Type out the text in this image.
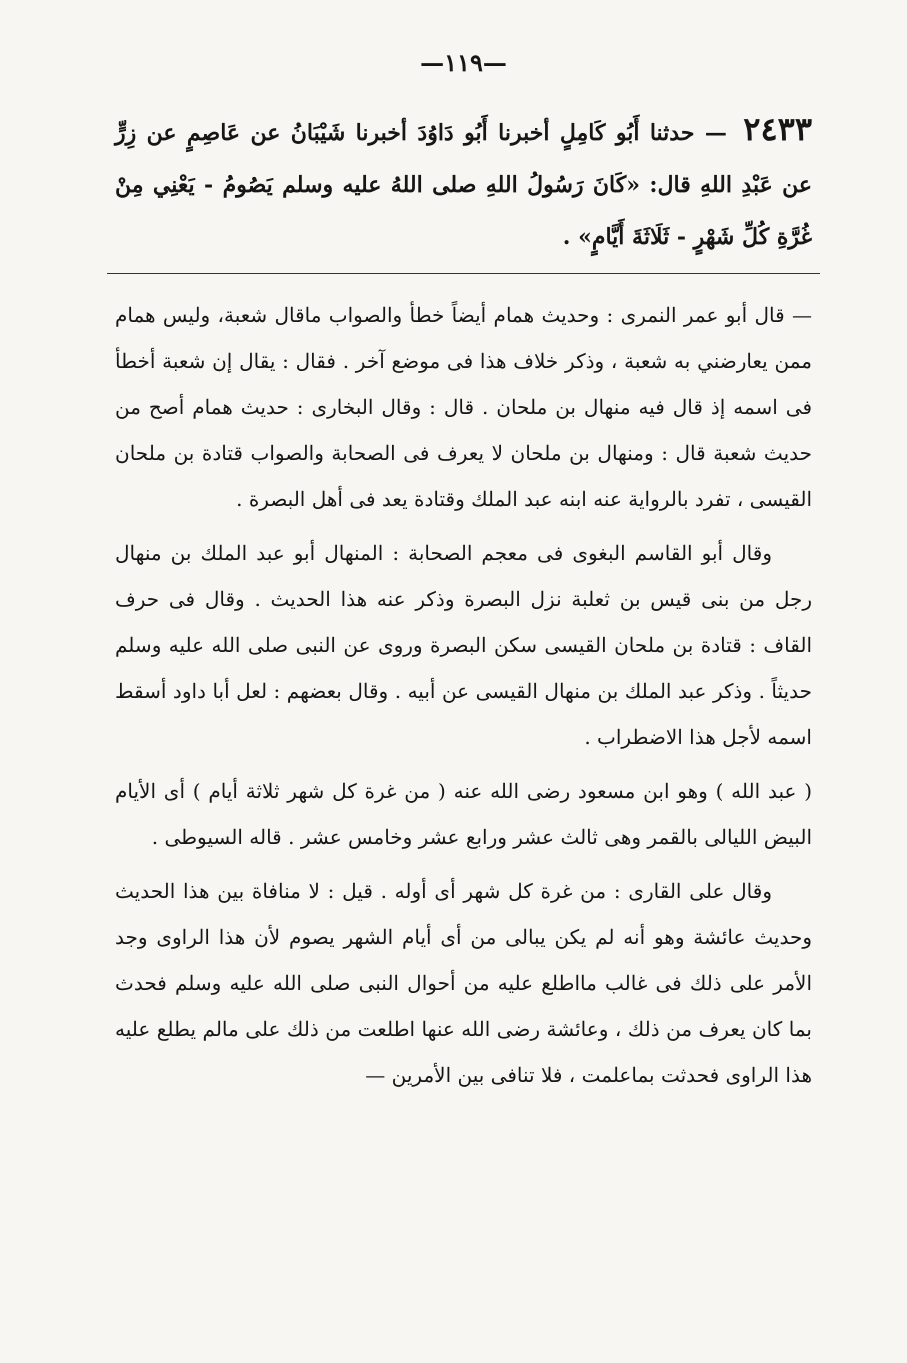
—١١٩—
٢٤٣٣ — حدثنا أَبُو كَامِلٍ أخبرنا أَبُو دَاوُدَ أخبرنا شَيْبَانُ عن عَاصِمٍ عن زِرٍّ عن عَبْدِ اللهِ قال: «كَانَ رَسُولُ اللهِ صلى اللهُ عليه وسلم يَصُومُ - يَعْنِي مِنْ غُرَّةِ كُلِّ شَهْرٍ - ثَلَاثَةَ أَيَّامٍ» .

— قال أبو عمر النمرى : وحديث همام أيضاً خطأ والصواب ماقال شعبة، وليس همام ممن يعارضني به شعبة ، وذكر خلاف هذا فى موضع آخر . فقال : يقال إن شعبة أخطأ فى اسمه إذ قال فيه منهال بن ملحان . قال : وقال البخارى : حديث همام أصح من حديث شعبة قال : ومنهال بن ملحان لا يعرف فى الصحابة والصواب قتادة بن ملحان القيسى ، تفرد بالرواية عنه ابنه عبد الملك وقتادة يعد فى أهل البصرة .

وقال أبو القاسم البغوى فى معجم الصحابة : المنهال أبو عبد الملك بن منهال رجل من بنى قيس بن ثعلبة نزل البصرة وذكر عنه هذا الحديث . وقال فى حرف القاف : قتادة بن ملحان القيسى سكن البصرة وروى عن النبى صلى الله عليه وسلم حديثاً . وذكر عبد الملك بن منهال القيسى عن أبيه . وقال بعضهم : لعل أبا داود أسقط اسمه لأجل هذا الاضطراب .

( عبد الله ) وهو ابن مسعود رضى الله عنه ( من غرة كل شهر ثلاثة أيام ) أى الأيام البيض الليالى بالقمر وهى ثالث عشر ورابع عشر وخامس عشر . قاله السيوطى .

وقال على القارى : من غرة كل شهر أى أوله . قيل : لا منافاة بين هذا الحديث وحديث عائشة وهو أنه لم يكن يبالى من أى أيام الشهر يصوم لأن هذا الراوى وجد الأمر على ذلك فى غالب مااطلع عليه من أحوال النبى صلى الله عليه وسلم فحدث بما كان يعرف من ذلك ، وعائشة رضى الله عنها اطلعت من ذلك على مالم يطلع عليه هذا الراوى فحدثت بماعلمت ، فلا تنافى بين الأمرين —
